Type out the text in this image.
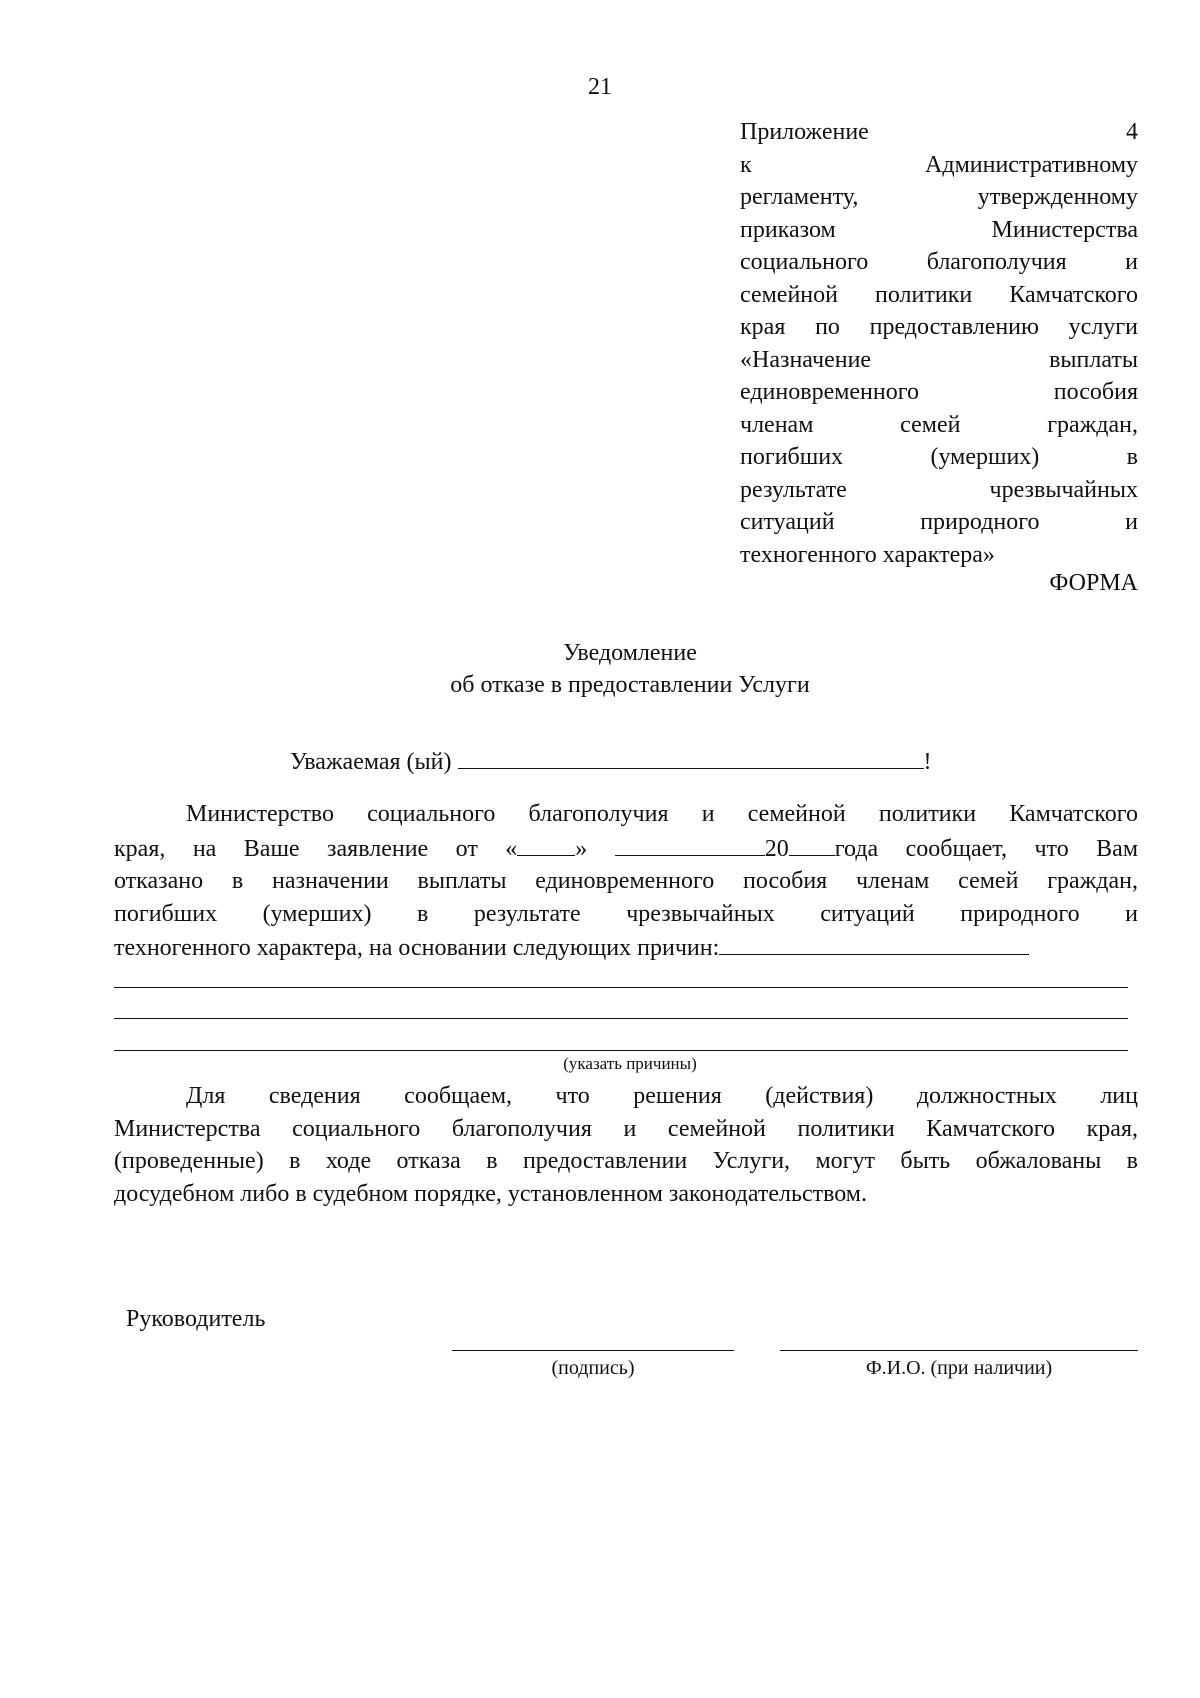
21
Приложение 4
к Административному
регламенту, утвержденному
приказом Министерства
социального благополучия и
семейной политики Камчатского
края по предоставлению услуги
«Назначение выплаты
единовременного пособия
членам семей граждан,
погибших (умерших) в
результате чрезвычайных
ситуаций природного и
техногенного характера»
ФОРМА
Уведомление
об отказе в предоставлении Услуги
Уважаемая (ый)	!
Министерство социального благополучия и семейной политики Камчатского
края, на Ваше заявление от « »	20 года сообщает, что Вам
отказано в назначении выплаты единовременного пособия членам семей граждан,
погибших (умерших) в результате чрезвычайных ситуаций природного и
техногенного характера, на основании следующих причин:
(указать причины)
Для сведения сообщаем, что решения (действия) должностных лиц
Министерства социального благополучия и семейной политики Камчатского края,
(проведенные) в ходе отказа в предоставлении Услуги, могут быть обжалованы в
досудебном либо в судебном порядке, установленном законодательством.
Руководитель
(подпись)	Ф.И.О. (при наличии)
